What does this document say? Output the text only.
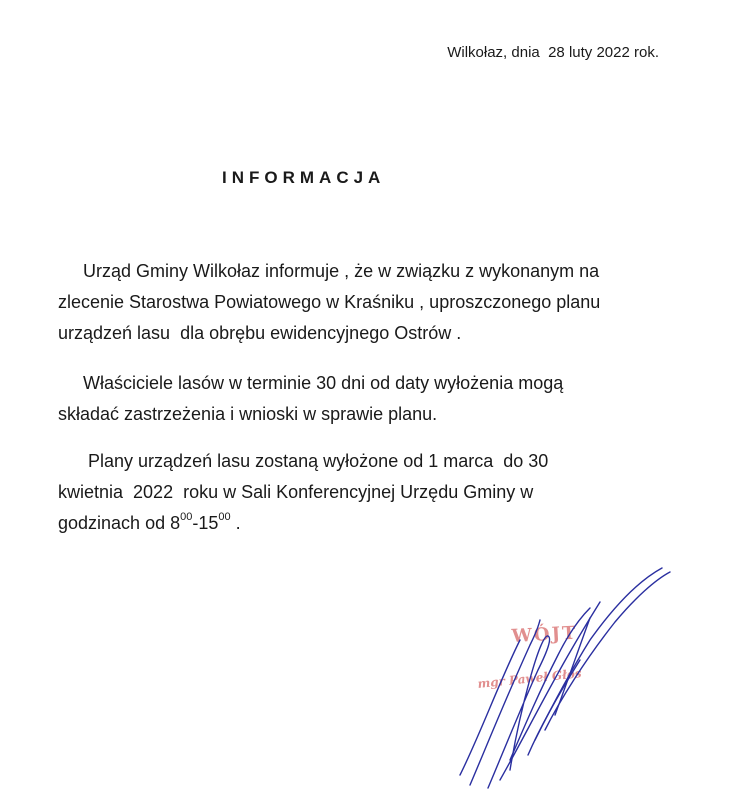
Wilkołaz, dnia  28 luty 2022 rok.
INFORMACJA
Urząd Gminy Wilkołaz informuje , że w związku z wykonanym na
zlecenie Starostwa Powiatowego w Kraśniku , uproszczonego planu
urządzeń lasu  dla obrębu ewidencyjnego Ostrów .
Właściciele lasów w terminie 30 dni od daty wyłożenia mogą
składać zastrzeżenia i wnioski w sprawie planu.
Plany urządzeń lasu zostaną wyłożone od 1 marca  do 30
kwietnia  2022  roku w Sali Konferencyjnej Urzędu Gminy w
godzinach od $8^{00}-15^{00}$ .
WÓJT
mgr Paweł Głos
